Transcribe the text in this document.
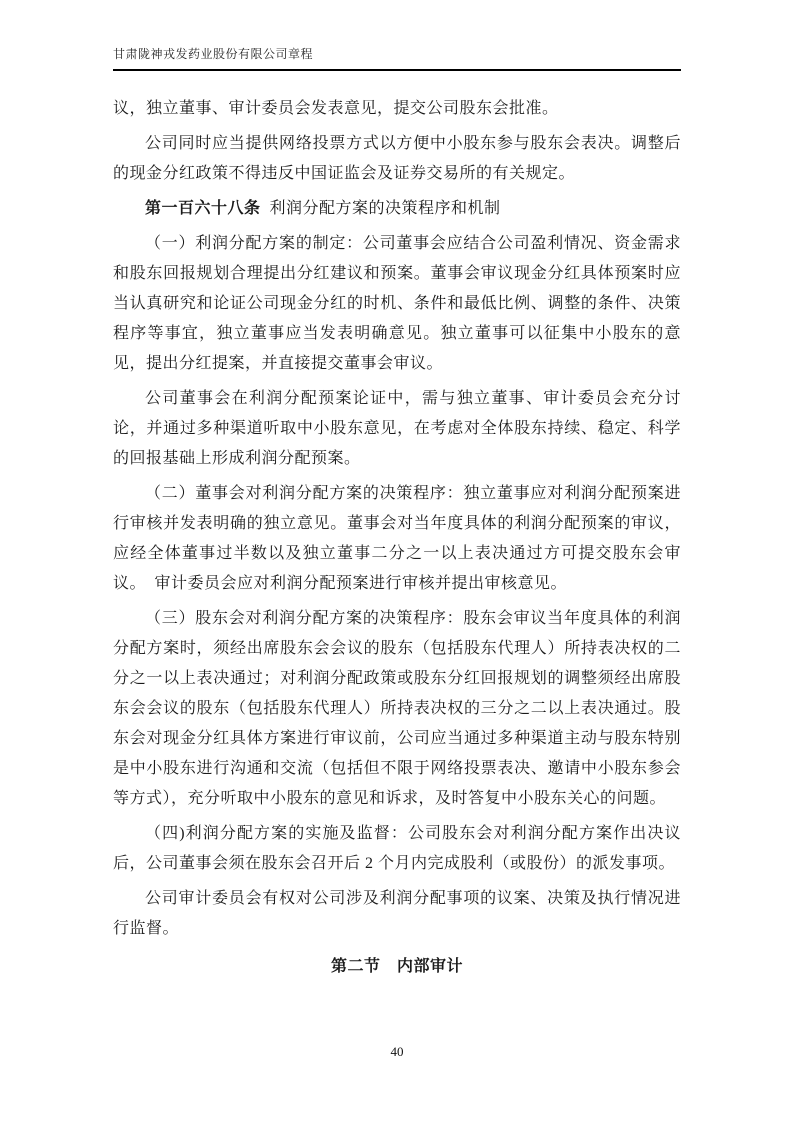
甘肃陇神戎发药业股份有限公司章程

议，独立董事、审计委员会发表意见，提交公司股东会批准。

公司同时应当提供网络投票方式以方便中小股东参与股东会表决。调整后的现金分红政策不得违反中国证监会及证券交易所的有关规定。

第一百六十八条 利润分配方案的决策程序和机制

（一）利润分配方案的制定：公司董事会应结合公司盈利情况、资金需求和股东回报规划合理提出分红建议和预案。董事会审议现金分红具体预案时应当认真研究和论证公司现金分红的时机、条件和最低比例、调整的条件、决策程序等事宜，独立董事应当发表明确意见。独立董事可以征集中小股东的意见，提出分红提案，并直接提交董事会审议。

公司董事会在利润分配预案论证中，需与独立董事、审计委员会充分讨论，并通过多种渠道听取中小股东意见，在考虑对全体股东持续、稳定、科学的回报基础上形成利润分配预案。

（二）董事会对利润分配方案的决策程序：独立董事应对利润分配预案进行审核并发表明确的独立意见。董事会对当年度具体的利润分配预案的审议，应经全体董事过半数以及独立董事二分之一以上表决通过方可提交股东会审议。　审计委员会应对利润分配预案进行审核并提出审核意见。

（三）股东会对利润分配方案的决策程序：股东会审议当年度具体的利润分配方案时，须经出席股东会会议的股东（包括股东代理人）所持表决权的二分之一以上表决通过；对利润分配政策或股东分红回报规划的调整须经出席股东会会议的股东（包括股东代理人）所持表决权的三分之二以上表决通过。股东会对现金分红具体方案进行审议前，公司应当通过多种渠道主动与股东特别是中小股东进行沟通和交流（包括但不限于网络投票表决、邀请中小股东参会等方式），充分听取中小股东的意见和诉求，及时答复中小股东关心的问题。

（四)利润分配方案的实施及监督：公司股东会对利润分配方案作出决议后，公司董事会须在股东会召开后 2 个月内完成股利（或股份）的派发事项。

公司审计委员会有权对公司涉及利润分配事项的议案、决策及执行情况进行监督。

第二节　内部审计

40
